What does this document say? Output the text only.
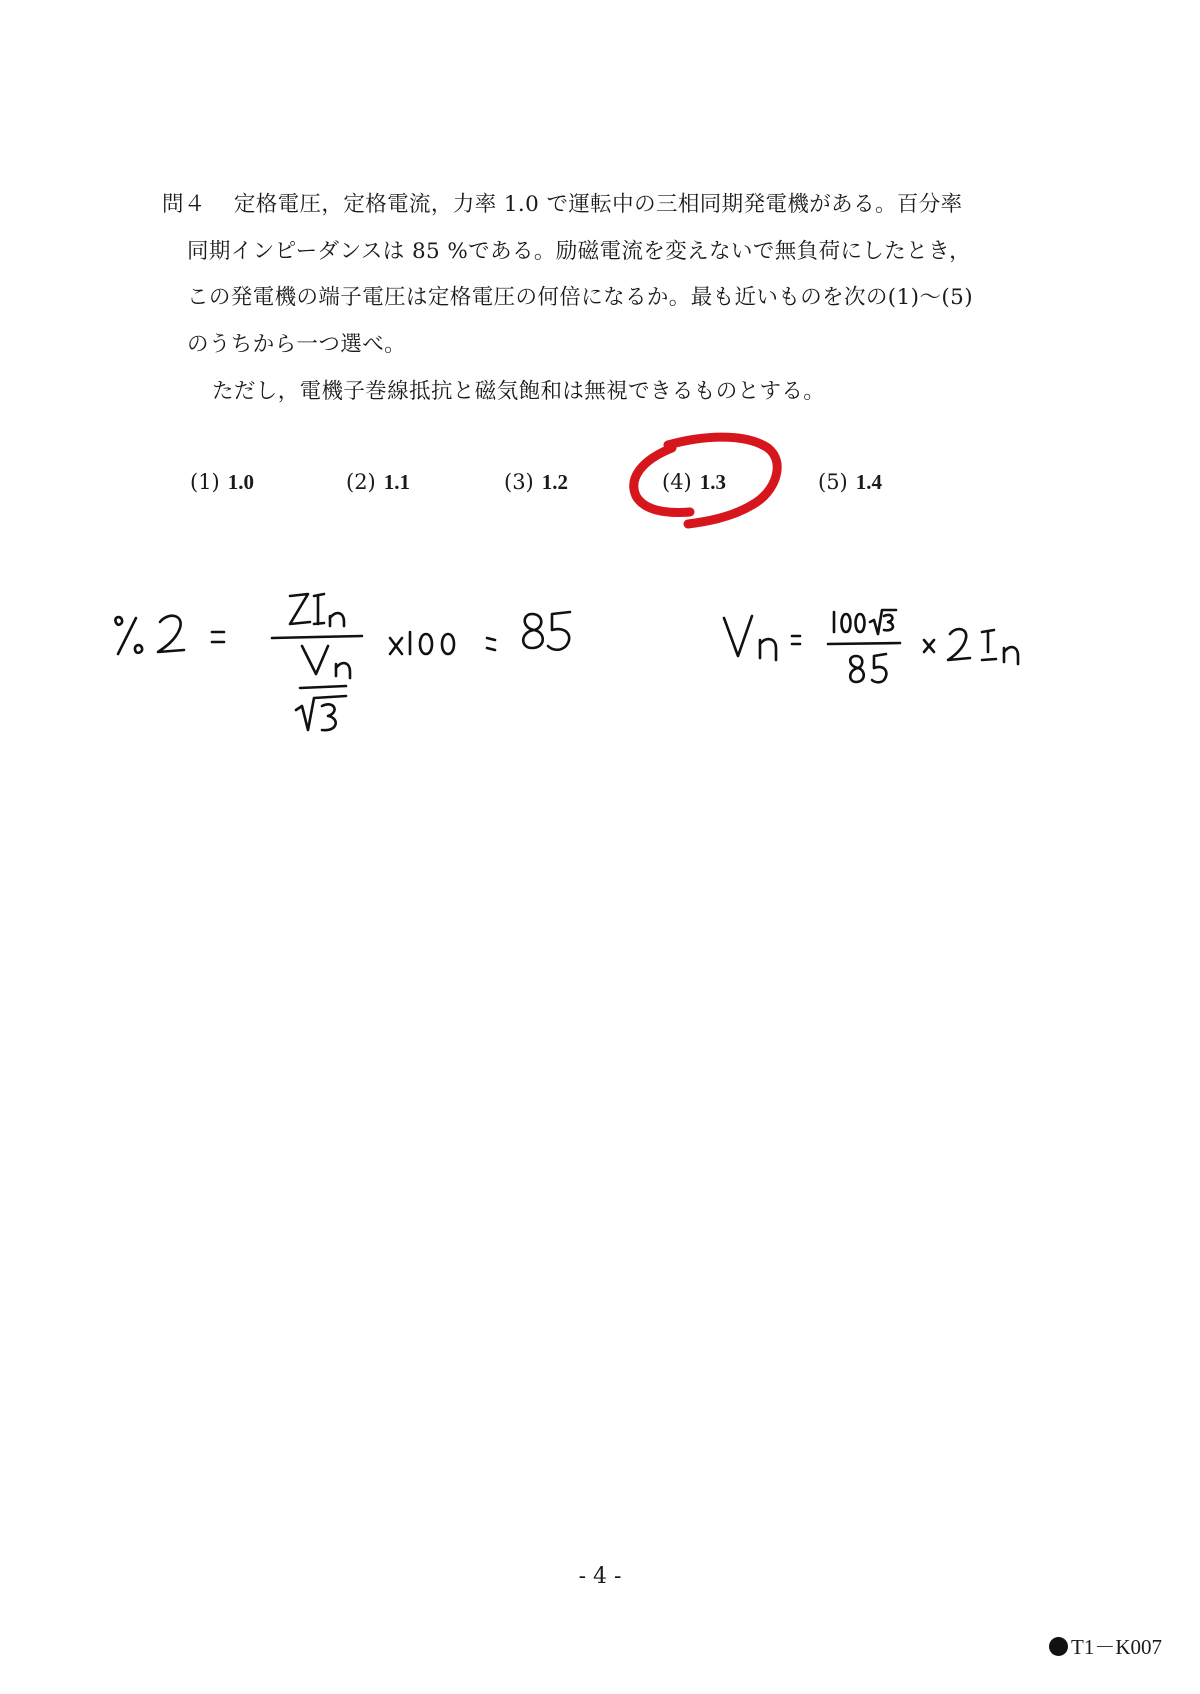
問４ 定格電圧，定格電流，力率 1.0 で運転中の三相同期発電機がある。百分率
同期インピーダンスは 85 %である。励磁電流を変えないで無負荷にしたとき，
この発電機の端子電圧は定格電圧の何倍になるか。最も近いものを次の(1)～(5)
のうちから一つ選べ。
ただし，電機子巻線抵抗と磁気飽和は無視できるものとする。
(1) 1.0	(2) 1.1	(3) 1.2	(4) 1.3	(5) 1.4
- 4 -
T1－K007
